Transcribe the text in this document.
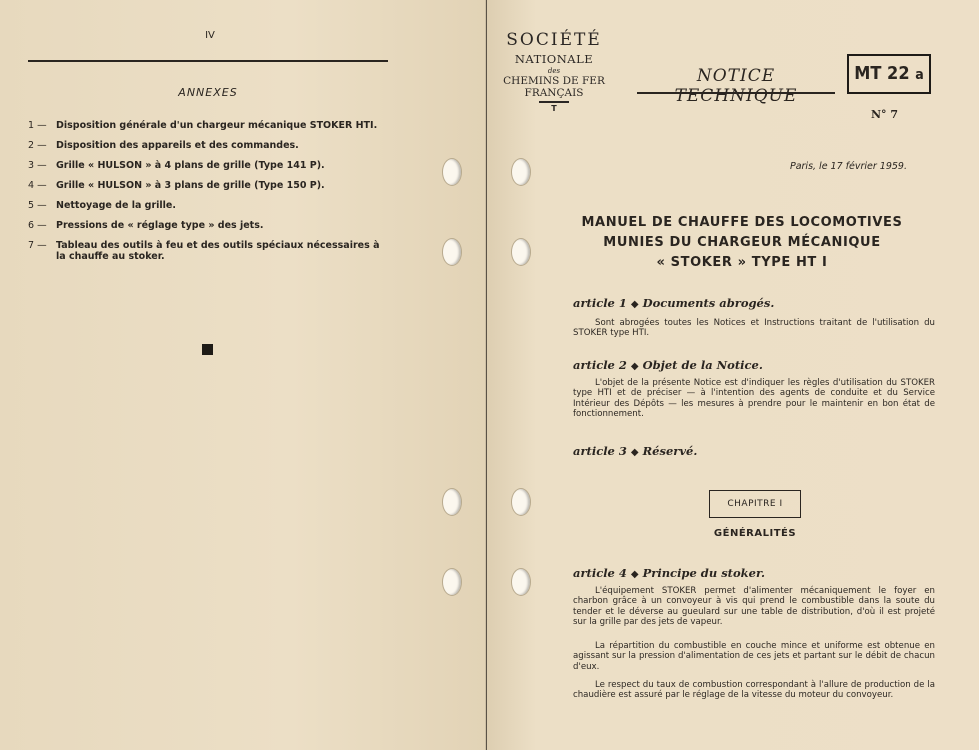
IV
ANNEXES
1 — Disposition générale d'un chargeur mécanique STOKER HTI.
2 — Disposition des appareils et des commandes.
3 — Grille « HULSON » à 4 plans de grille (Type 141 P).
4 — Grille « HULSON » à 3 plans de grille (Type 150 P).
5 — Nettoyage de la grille.
6 — Pressions de « réglage type » des jets.
7 — Tableau des outils à feu et des outils spéciaux nécessaires à la chauffe au stoker.
SOCIÉTÉ
NATIONALE
des
CHEMINS DE FER
FRANÇAIS
T
NOTICE TECHNIQUE
MT 22 a
N° 7
Paris, le 17 février 1959.
MANUEL DE CHAUFFE DES LOCOMOTIVES
MUNIES DU CHARGEUR MÉCANIQUE
« STOKER » TYPE HT I
article 1 ◆ Documents abrogés.
Sont abrogées toutes les Notices et Instructions traitant de l'utilisation du STOKER type HTI.
article 2 ◆ Objet de la Notice.
L'objet de la présente Notice est d'indiquer les règles d'utilisation du STOKER type HTI et de préciser — à l'intention des agents de conduite et du Service Intérieur des Dépôts — les mesures à prendre pour le maintenir en bon état de fonctionnement.
article 3 ◆ Réservé.
CHAPITRE I
GÉNÉRALITÉS
article 4 ◆ Principe du stoker.
L'équipement STOKER permet d'alimenter mécaniquement le foyer en charbon grâce à un convoyeur à vis qui prend le combustible dans la soute du tender et le déverse au gueulard sur une table de distribution, d'où il est projeté sur la grille par des jets de vapeur.
La répartition du combustible en couche mince et uniforme est obtenue en agissant sur la pression d'alimentation de ces jets et partant sur le débit de chacun d'eux.
Le respect du taux de combustion correspondant à l'allure de production de la chaudière est assuré par le réglage de la vitesse du moteur du convoyeur.
